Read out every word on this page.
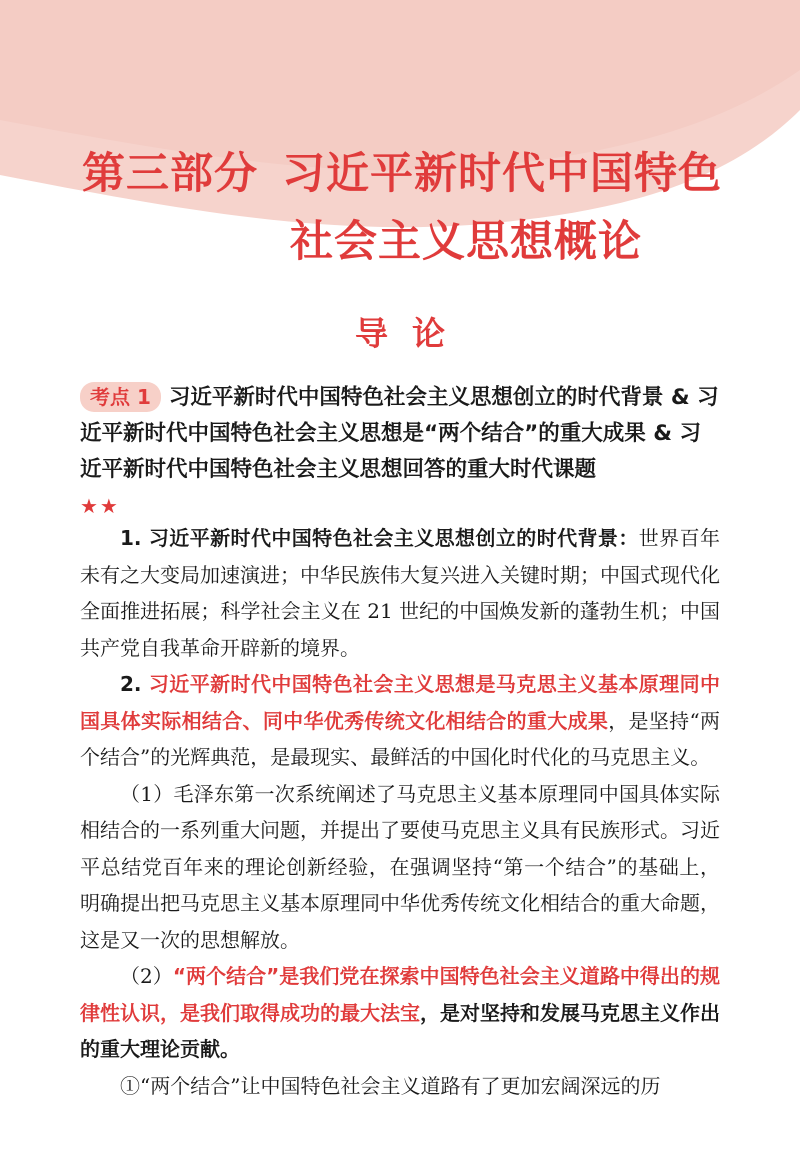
第三部分 习近平新时代中国特色
社会主义思想概论
导论
考点 1 习近平新时代中国特色社会主义思想创立的时代背景 & 习近平新时代中国特色社会主义思想是“两个结合”的重大成果 & 习近平新时代中国特色社会主义思想回答的重大时代课题
★★

1. 习近平新时代中国特色社会主义思想创立的时代背景：世界百年未有之大变局加速演进；中华民族伟大复兴进入关键时期；中国式现代化全面推进拓展；科学社会主义在 21 世纪的中国焕发新的蓬勃生机；中国共产党自我革命开辟新的境界。

2. 习近平新时代中国特色社会主义思想是马克思主义基本原理同中国具体实际相结合、同中华优秀传统文化相结合的重大成果，是坚持“两个结合”的光辉典范，是最现实、最鲜活的中国化时代化的马克思主义。

（1）毛泽东第一次系统阐述了马克思主义基本原理同中国具体实际相结合的一系列重大问题，并提出了要使马克思主义具有民族形式。习近平总结党百年来的理论创新经验，在强调坚持“第一个结合”的基础上，明确提出把马克思主义基本原理同中华优秀传统文化相结合的重大命题，这是又一次的思想解放。

（2）“两个结合”是我们党在探索中国特色社会主义道路中得出的规律性认识，是我们取得成功的最大法宝，是对坚持和发展马克思主义作出的重大理论贡献。

①“两个结合”让中国特色社会主义道路有了更加宏阔深远的历
